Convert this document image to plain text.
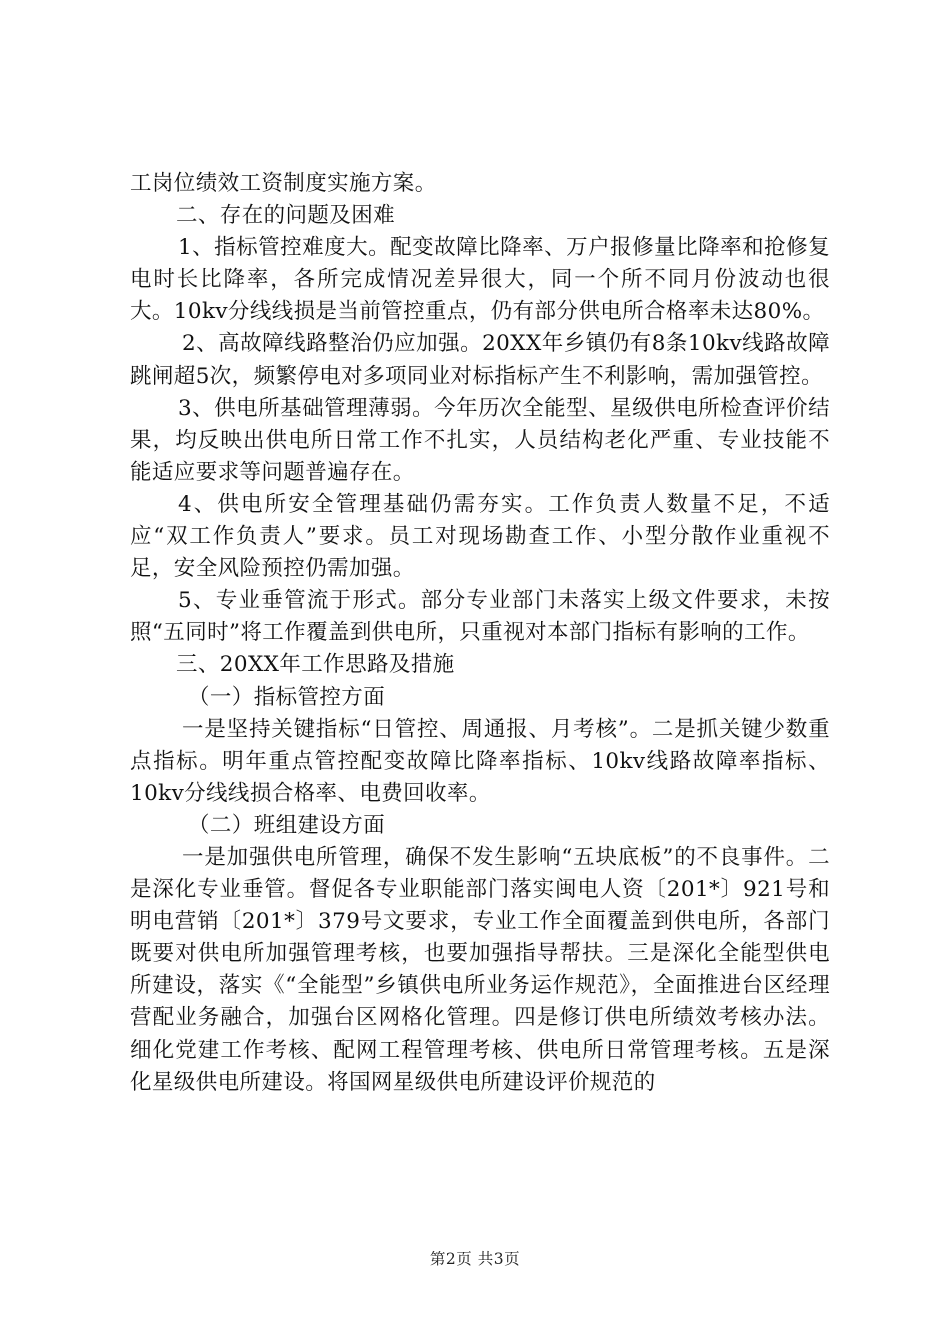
工岗位绩效工资制度实施方案。

二、存在的问题及困难

1、指标管控难度大。配变故障比降率、万户报修量比降率和抢修复电时长比降率，各所完成情况差异很大，同一个所不同月份波动也很大。10kv分线线损是当前管控重点，仍有部分供电所合格率未达80%。

2、高故障线路整治仍应加强。20XX年乡镇仍有8条10kv线路故障跳闸超5次，频繁停电对多项同业对标指标产生不利影响，需加强管控。

3、供电所基础管理薄弱。今年历次全能型、星级供电所检查评价结果，均反映出供电所日常工作不扎实，人员结构老化严重、专业技能不能适应要求等问题普遍存在。

4、供电所安全管理基础仍需夯实。工作负责人数量不足，不适应“双工作负责人”要求。员工对现场勘查工作、小型分散作业重视不足，安全风险预控仍需加强。

5、专业垂管流于形式。部分专业部门未落实上级文件要求，未按照“五同时”将工作覆盖到供电所，只重视对本部门指标有影响的工作。

三、20XX年工作思路及措施

（一）指标管控方面

一是坚持关键指标“日管控、周通报、月考核”。二是抓关键少数重点指标。明年重点管控配变故障比降率指标、10kv线路故障率指标、10kv分线线损合格率、电费回收率。

（二）班组建设方面

一是加强供电所管理，确保不发生影响“五块底板”的不良事件。二是深化专业垂管。督促各专业职能部门落实闽电人资〔201*〕921号和明电营销〔201*〕379号文要求，专业工作全面覆盖到供电所，各部门既要对供电所加强管理考核，也要加强指导帮扶。三是深化全能型供电所建设，落实《“全能型”乡镇供电所业务运作规范》，全面推进台区经理营配业务融合，加强台区网格化管理。四是修订供电所绩效考核办法。细化党建工作考核、配网工程管理考核、供电所日常管理考核。五是深化星级供电所建设。将国网星级供电所建设评价规范的

第2页 共3页
